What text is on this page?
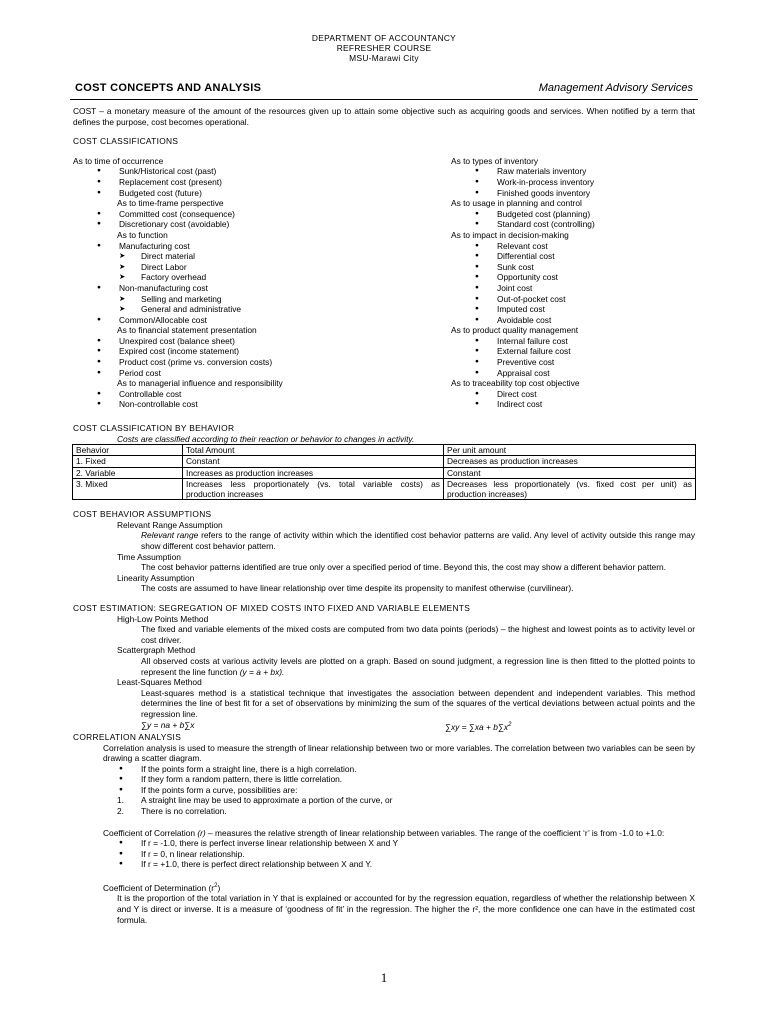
DEPARTMENT OF ACCOUNTANCY
REFRESHER COURSE
MSU-Marawi City
COST CONCEPTS AND ANALYSIS	Management Advisory Services

COST – a monetary measure of the amount of the resources given up to attain some objective such as acquiring goods and services. When notified by a term that defines the purpose, cost becomes operational.

COST CLASSIFICATIONS
As to time of occurrence
● Sunk/Historical cost (past)
● Replacement cost (present)
● Budgeted cost (future)
As to time-frame perspective
● Committed cost (consequence)
● Discretionary cost (avoidable)
As to function
● Manufacturing cost
➤ Direct material
➤ Direct Labor
➤ Factory overhead
● Non-manufacturing cost
➤ Selling and marketing
➤ General and administrative
● Common/Allocable cost
As to financial statement presentation
● Unexpired cost (balance sheet)
● Expired cost (income statement)
● Product cost (prime vs. conversion costs)
● Period cost
As to managerial influence and responsibility
● Controllable cost
● Non-controllable cost
As to types of inventory
● Raw materials inventory
● Work-in-process inventory
● Finished goods inventory
As to usage in planning and control
● Budgeted cost (planning)
● Standard cost (controlling)
As to impact in decision-making
● Relevant cost
● Differential cost
● Sunk cost
● Opportunity cost
● Joint cost
● Out-of-pocket cost
● Imputed cost
● Avoidable cost
As to product quality management
● Internal failure cost
● External failure cost
● Preventive cost
● Appraisal cost
As to traceability top cost objective
● Direct cost
● Indirect cost
COST CLASSIFICATION BY BEHAVIOR
Costs are classified according to their reaction or behavior to changes in activity.
Behavior	Total Amount	Per unit amount
1. Fixed	Constant	Decreases as production increases
2. Variable	Increases as production increases	Constant
3. Mixed	Increases less proportionately (vs. total variable costs) as production increases	Decreases less proportionately (vs. fixed cost per unit) as production increases)
COST BEHAVIOR ASSUMPTIONS
Relevant Range Assumption
Relevant range refers to the range of activity within which the identified cost behavior patterns are valid. Any level of activity outside this range may show different cost behavior pattern.
Time Assumption
The cost behavior patterns identified are true only over a specified period of time. Beyond this, the cost may show a different behavior pattern.
Linearity Assumption
The costs are assumed to have linear relationship over time despite its propensity to manifest otherwise (curvilinear).
COST ESTIMATION: SEGREGATION OF MIXED COSTS INTO FIXED AND VARIABLE ELEMENTS
High-Low Points Method
The fixed and variable elements of the mixed costs are computed from two data points (periods) – the highest and lowest points as to activity level or cost driver.
Scattergraph Method
All observed costs at various activity levels are plotted on a graph. Based on sound judgment, a regression line is then fitted to the plotted points to represent the line function (y = a + bx).
Least-Squares Method
Least-squares method is a statistical technique that investigates the association between dependent and independent variables. This method determines the line of best fit for a set of observations by minimizing the sum of the squares of the vertical deviations between actual points and the regression line.
∑y = na + b∑x	$\sum xy = \sum xa + b\sum x^2$
CORRELATION ANALYSIS
Correlation analysis is used to measure the strength of linear relationship between two or more variables. The correlation between two variables can be seen by drawing a scatter diagram.
● If the points form a straight line, there is a high correlation.
● If they form a random pattern, there is little correlation.
● If the points form a curve, possibilities are:
1. A straight line may be used to approximate a portion of the curve, or
2. There is no correlation.
Coefficient of Correlation (r) – measures the relative strength of linear relationship between variables. The range of the coefficient ‘r’ is from -1.0 to +1.0:
● If r = -1.0, there is perfect inverse linear relationship between X and Y
● If r = 0, n linear relationship.
● If r = +1.0, there is perfect direct relationship between X and Y.
Coefficient of Determination $(r^2)$
It is the proportion of the total variation in Y that is explained or accounted for by the regression equation, regardless of whether the relationship between X and Y is direct or inverse. It is a measure of ‘goodness of fit’ in the regression. The higher the r², the more confidence one can have in the estimated cost formula.
1
